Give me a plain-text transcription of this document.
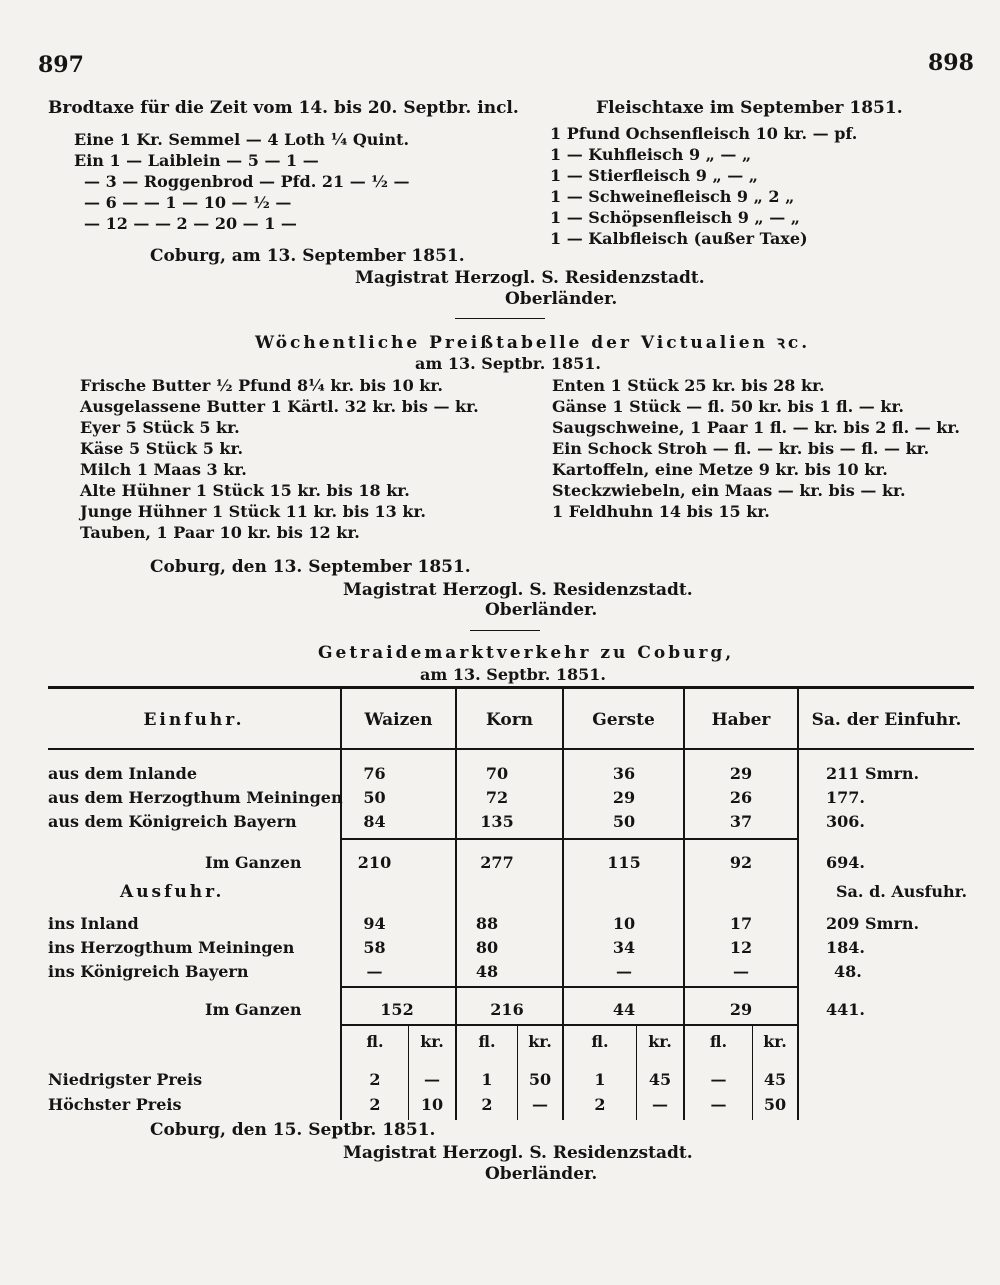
897	898
Brodtaxe für die Zeit vom 14. bis 20. Septbr. incl.
Eine 1 Kr. Semmel — 4 Loth ¼ Quint.
Ein 1 — Laiblein — 5 — 1 —
— 3 — Roggenbrod — Pfd. 21 — ½ —
— 6 — — 1 — 10 — ½ —
— 12 — — 2 — 20 — 1 —
Coburg, am 13. September 1851.
Magistrat Herzogl. S. Residenzstadt.
Oberländer.
Fleischtaxe im September 1851.
1 Pfund Ochsenfleisch 10 kr. — pf.
1 — Kuhfleisch 9 „ — „
1 — Stierfleisch 9 „ — „
1 — Schweinefleisch 9 „ 2 „
1 — Schöpsenfleisch 9 „ — „
1 — Kalbfleisch (außer Taxe)
Wöchentliche Preißtabelle der Victualien ꝛc.
am 13. Septbr. 1851.
Frische Butter ½ Pfund 8¼ kr. bis 10 kr.
Ausgelassene Butter 1 Kärtl. 32 kr. bis — kr.
Eyer 5 Stück 5 kr.
Käse 5 Stück 5 kr.
Milch 1 Maas 3 kr.
Alte Hühner 1 Stück 15 kr. bis 18 kr.
Junge Hühner 1 Stück 11 kr. bis 13 kr.
Tauben, 1 Paar 10 kr. bis 12 kr.
Enten 1 Stück 25 kr. bis 28 kr.
Gänse 1 Stück — fl. 50 kr. bis 1 fl. — kr.
Saugschweine, 1 Paar 1 fl. — kr. bis 2 fl. — kr.
Ein Schock Stroh — fl. — kr. bis — fl. — kr.
Kartoffeln, eine Metze 9 kr. bis 10 kr.
Steckzwiebeln, ein Maas — kr. bis — kr.
1 Feldhuhn 14 bis 15 kr.
Coburg, den 13. September 1851.
Magistrat Herzogl. S. Residenzstadt.
Oberländer.
Getraidemarktverkehr zu Coburg,
am 13. Septbr. 1851.
Einfuhr.	Waizen	Korn	Gerste	Haber	Sa. der Einfuhr.
aus dem Inlande	76	70	36	29	211 Smrn.
aus dem Herzogthum Meiningen	50	72	29	26	177.
aus dem Königreich Bayern	84	135	50	37	306.
Im Ganzen	210	277	115	92	694.
Ausfuhr.	Sa. d. Ausfuhr.
ins Inland	94	88	10	17	209 Smrn.
ins Herzogthum Meiningen	58	80	34	12	184.
ins Königreich Bayern	—	48	—	—	48.
Im Ganzen	152	216	44	29	441.
fl.	kr.	fl.	kr.	fl.	kr.	fl.	kr.
Niedrigster Preis	2	—	1	50	1	45	—	45
Höchster Preis	2	10	2	—	2	—	—	50
Coburg, den 15. Septbr. 1851.
Magistrat Herzogl. S. Residenzstadt.
Oberländer.
